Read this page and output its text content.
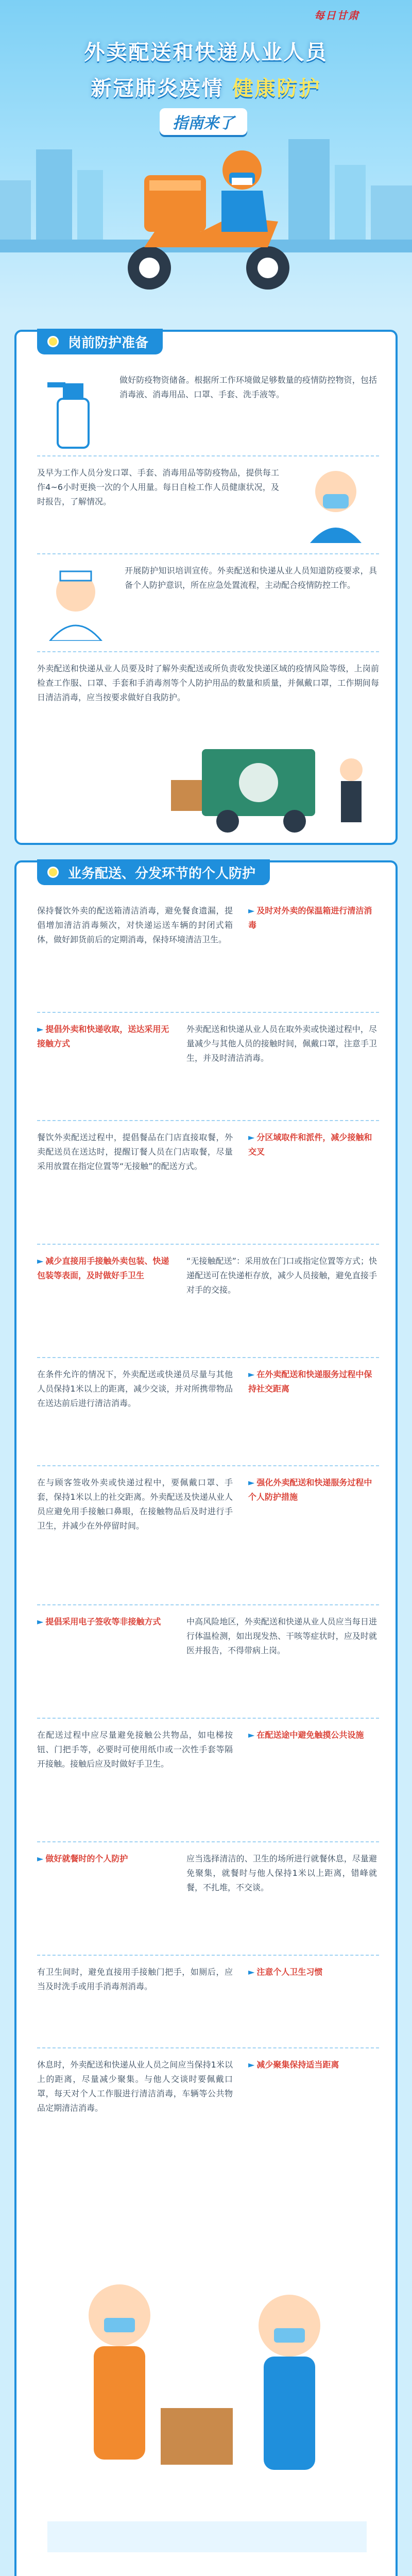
每日甘肃
外卖配送和快递从业人员
新冠肺炎疫情 健康防护
指南来了
岗前防护准备
做好防疫物资储备。根据所工作环境做足够数量的疫情防控物资，包括消毒液、消毒用品、口罩、手套、洗手液等。
及早为工作人员分发口罩、手套、消毒用品等防疫物品，提供每工作4~6小时更换一次的个人用量。每日自检工作人员健康状况，及时报告，了解情况。
开展防护知识培训宣传。外卖配送和快递从业人员知道防疫要求，具备个人防护意识，所在应急处置流程，主动配合疫情防控工作。
外卖配送和快递从业人员要及时了解外卖配送或所负责收发快递区域的疫情风险等级，上岗前检查工作服、口罩、手套和手消毒剂等个人防护用品的数量和质量，并佩戴口罩，工作期间每日清洁消毒，应当按要求做好自我防护。
业务配送、分发环节的个人防护
保持餐饮外卖的配送箱清洁消毒，避免餐食遗漏，提倡增加清洁消毒频次，对快递运送车辆的封闭式箱体，做好卸货前后的定期消毒，保持环境清洁卫生。
► 及时对外卖的保温箱进行清洁消毒
► 提倡外卖和快递收取，送达采用无接触方式
外卖配送和快递从业人员在取外卖或快递过程中，尽量减少与其他人员的接触时间，佩戴口罩，注意手卫生，并及时清洁消毒。
餐饮外卖配送过程中，提倡餐品在门店直接取餐，外卖配送员在送达时，提醒订餐人员在门店取餐，尽量采用放置在指定位置等“无接触”的配送方式。
► 分区域取件和派件，减少接触和交叉
► 减少直接用手接触外卖包装、快递包装等表面，及时做好手卫生
“无接触配送”：采用放在门口或指定位置等方式；快递配送可在快递柜存放，减少人员接触，避免直接手对手的交接。
在条件允许的情况下，外卖配送或快递员尽量与其他人员保持1米以上的距离，减少交谈，并对所携带物品在送达前后进行清洁消毒。
► 在外卖配送和快递服务过程中保持社交距离
在与顾客签收外卖或快递过程中，要佩戴口罩、手套，保持1米以上的社交距离。外卖配送及快递从业人员应避免用手接触口鼻眼，在接触物品后及时进行手卫生，并减少在外停留时间。
► 强化外卖配送和快递服务过程中个人防护措施
► 提倡采用电子签收等非接触方式	中高风险地区，外卖配送和快递从业人员应当每日进行体温检测，如出现发热、干咳等症状时，应及时就医并报告，不得带病上岗。
在配送过程中应尽量避免接触公共物品，如电梯按钮、门把手等，必要时可使用纸巾或一次性手套等隔开接触。接触后应及时做好手卫生。
► 在配送途中避免触摸公共设施
► 做好就餐时的个人防护	应当选择清洁的、卫生的场所进行就餐休息，尽量避免聚集，就餐时与他人保持1米以上距离，错峰就餐，不扎堆，不交谈。
有卫生间时，避免直接用手接触门把手，如厕后，应当及时洗手或用手消毒剂消毒。
► 注意个人卫生习惯
休息时，外卖配送和快递从业人员之间应当保持1米以上的距离，尽量减少聚集。与他人交谈时要佩戴口罩，每天对个人工作服进行清洁消毒，车辆等公共物品定期清洁消毒。
► 减少聚集保持适当距离
